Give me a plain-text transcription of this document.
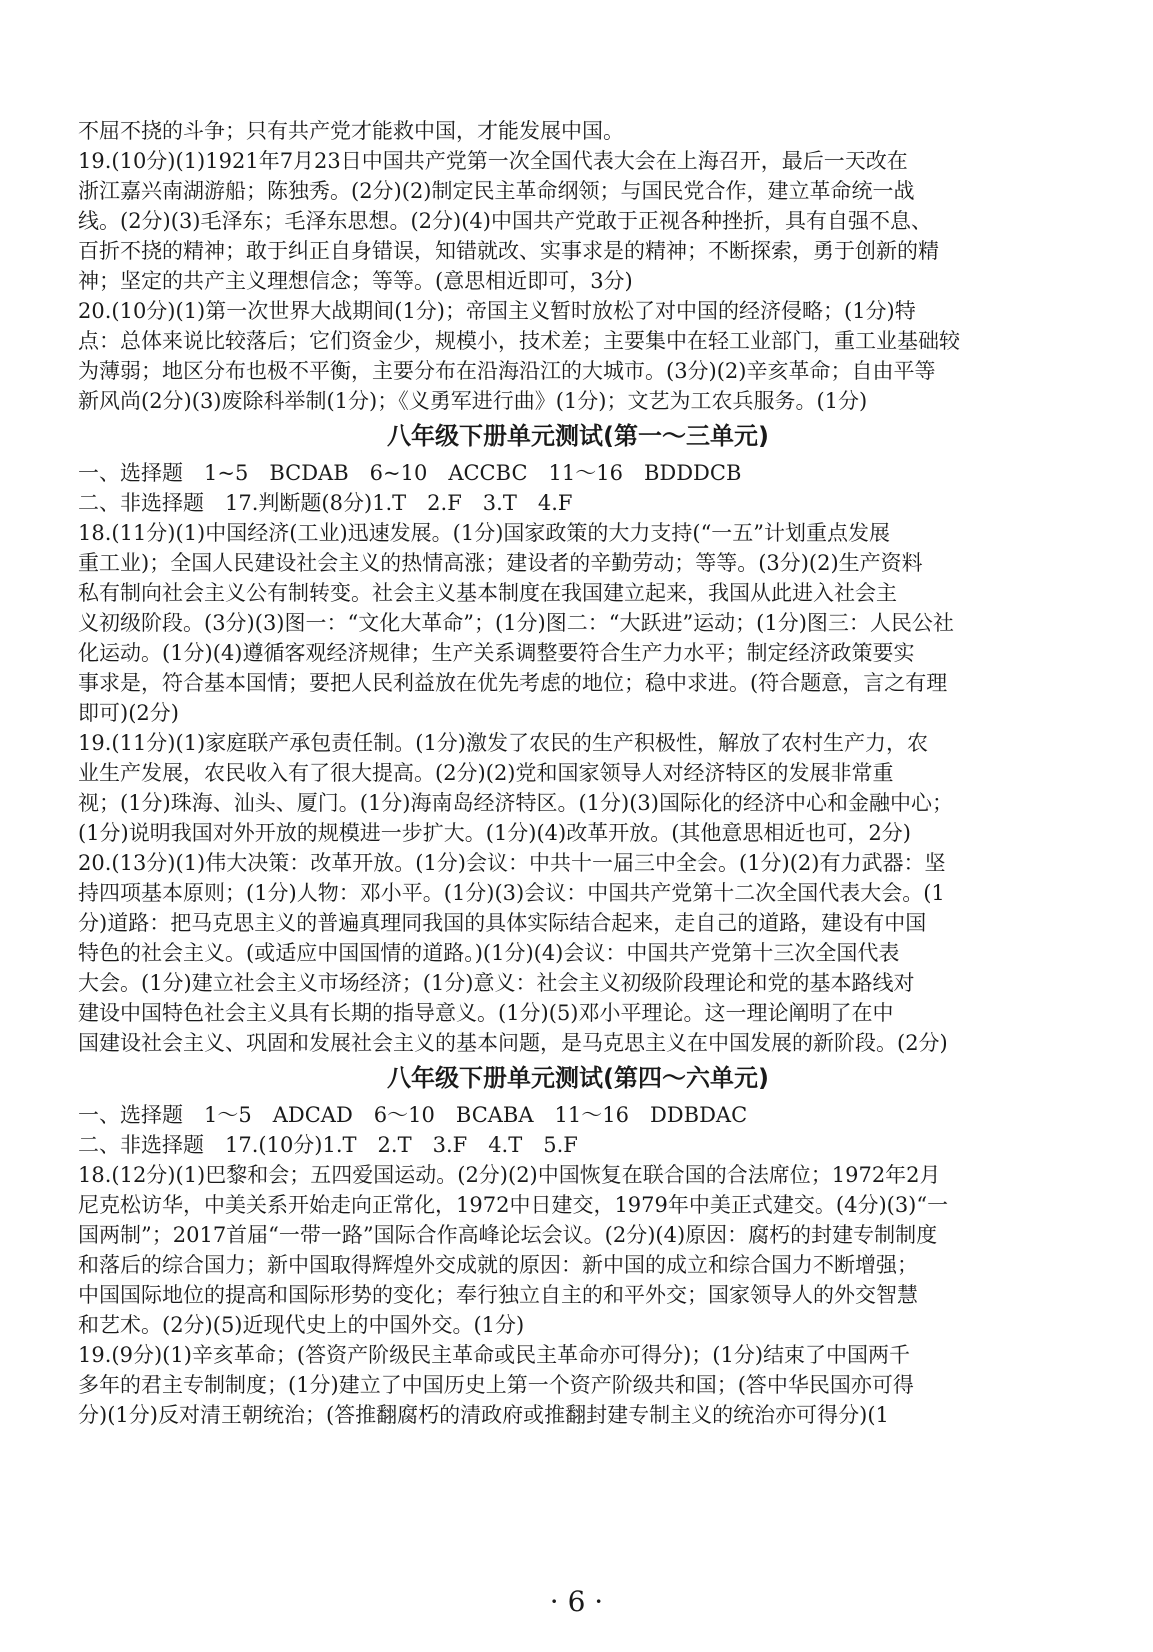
不屈不挠的斗争；只有共产党才能救中国，才能发展中国。
19.(10分)(1)1921年7月23日中国共产党第一次全国代表大会在上海召开，最后一天改在
浙江嘉兴南湖游船；陈独秀。(2分)(2)制定民主革命纲领；与国民党合作，建立革命统一战
线。(2分)(3)毛泽东；毛泽东思想。(2分)(4)中国共产党敢于正视各种挫折，具有自强不息、
百折不挠的精神；敢于纠正自身错误，知错就改、实事求是的精神；不断探索，勇于创新的精
神；坚定的共产主义理想信念；等等。(意思相近即可，3分)
20.(10分)(1)第一次世界大战期间(1分)；帝国主义暂时放松了对中国的经济侵略；(1分)特
点：总体来说比较落后；它们资金少，规模小，技术差；主要集中在轻工业部门，重工业基础较
为薄弱；地区分布也极不平衡，主要分布在沿海沿江的大城市。(3分)(2)辛亥革命；自由平等
新风尚(2分)(3)废除科举制(1分)；《义勇军进行曲》(1分)；文艺为工农兵服务。(1分)
八年级下册单元测试(第一～三单元)
一、选择题　1~5　BCDAB　6~10　ACCBC　11～16　BDDDCB
二、非选择题　17.判断题(8分)1.T　2.F　3.T　4.F
18.(11分)(1)中国经济(工业)迅速发展。(1分)国家政策的大力支持(“一五”计划重点发展
重工业)；全国人民建设社会主义的热情高涨；建设者的辛勤劳动；等等。(3分)(2)生产资料
私有制向社会主义公有制转变。社会主义基本制度在我国建立起来，我国从此进入社会主
义初级阶段。(3分)(3)图一：“文化大革命”；(1分)图二：“大跃进”运动；(1分)图三：人民公社
化运动。(1分)(4)遵循客观经济规律；生产关系调整要符合生产力水平；制定经济政策要实
事求是，符合基本国情；要把人民利益放在优先考虑的地位；稳中求进。(符合题意，言之有理
即可)(2分)
19.(11分)(1)家庭联产承包责任制。(1分)激发了农民的生产积极性，解放了农村生产力，农
业生产发展，农民收入有了很大提高。(2分)(2)党和国家领导人对经济特区的发展非常重
视；(1分)珠海、汕头、厦门。(1分)海南岛经济特区。(1分)(3)国际化的经济中心和金融中心；
(1分)说明我国对外开放的规模进一步扩大。(1分)(4)改革开放。(其他意思相近也可，2分)
20.(13分)(1)伟大决策：改革开放。(1分)会议：中共十一届三中全会。(1分)(2)有力武器：坚
持四项基本原则；(1分)人物：邓小平。(1分)(3)会议：中国共产党第十二次全国代表大会。(1
分)道路：把马克思主义的普遍真理同我国的具体实际结合起来，走自己的道路，建设有中国
特色的社会主义。(或适应中国国情的道路。)(1分)(4)会议：中国共产党第十三次全国代表
大会。(1分)建立社会主义市场经济；(1分)意义：社会主义初级阶段理论和党的基本路线对
建设中国特色社会主义具有长期的指导意义。(1分)(5)邓小平理论。这一理论阐明了在中
国建设社会主义、巩固和发展社会主义的基本问题，是马克思主义在中国发展的新阶段。(2分)
八年级下册单元测试(第四～六单元)
一、选择题　1～5　ADCAD　6～10　BCABA　11～16　DDBDAC
二、非选择题　17.(10分)1.T　2.T　3.F　4.T　5.F
18.(12分)(1)巴黎和会；五四爱国运动。(2分)(2)中国恢复在联合国的合法席位；1972年2月
尼克松访华，中美关系开始走向正常化，1972中日建交，1979年中美正式建交。(4分)(3)“一
国两制”；2017首届“一带一路”国际合作高峰论坛会议。(2分)(4)原因：腐朽的封建专制制度
和落后的综合国力；新中国取得辉煌外交成就的原因：新中国的成立和综合国力不断增强；
中国国际地位的提高和国际形势的变化；奉行独立自主的和平外交；国家领导人的外交智慧
和艺术。(2分)(5)近现代史上的中国外交。(1分)
19.(9分)(1)辛亥革命；(答资产阶级民主革命或民主革命亦可得分)；(1分)结束了中国两千
多年的君主专制制度；(1分)建立了中国历史上第一个资产阶级共和国；(答中华民国亦可得
分)(1分)反对清王朝统治；(答推翻腐朽的清政府或推翻封建专制主义的统治亦可得分)(1
· 6 ·
